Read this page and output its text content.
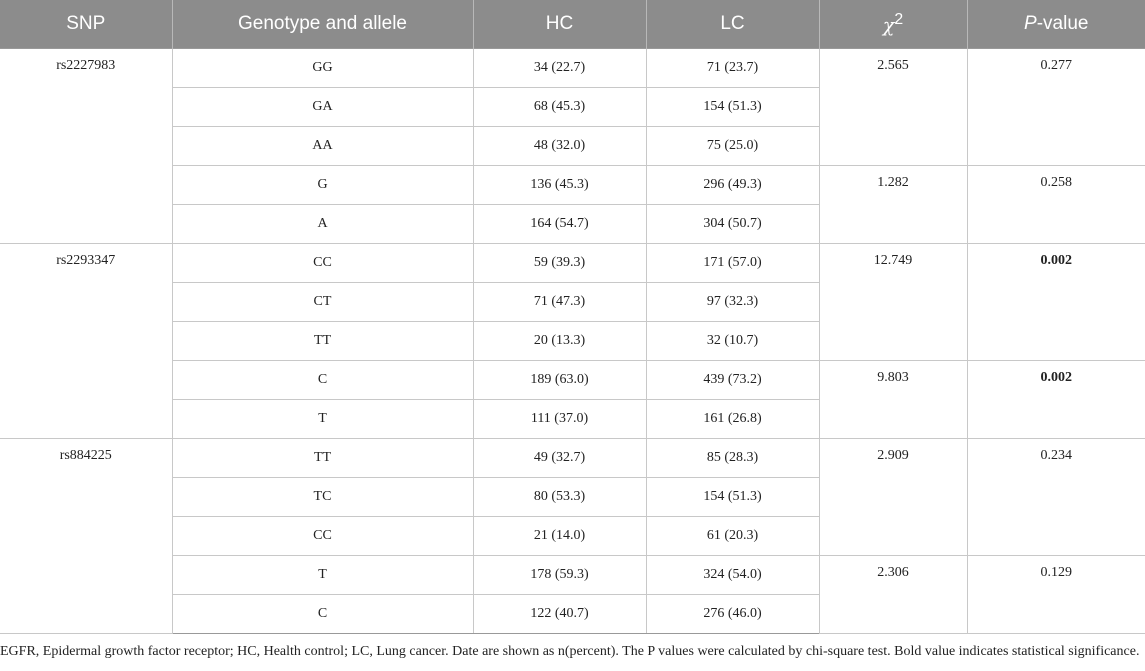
SNP	Genotype and allele	HC	LC	$\chi^2$	P-value
rs2227983	GG	34 (22.7)	71 (23.7)	2.565	0.277
	GA	68 (45.3)	154 (51.3)		
	AA	48 (32.0)	75 (25.0)		
	G	136 (45.3)	296 (49.3)	1.282	0.258
	A	164 (54.7)	304 (50.7)		
rs2293347	CC	59 (39.3)	171 (57.0)	12.749	0.002
	CT	71 (47.3)	97 (32.3)		
	TT	20 (13.3)	32 (10.7)		
	C	189 (63.0)	439 (73.2)	9.803	0.002
	T	111 (37.0)	161 (26.8)		
rs884225	TT	49 (32.7)	85 (28.3)	2.909	0.234
	TC	80 (53.3)	154 (51.3)		
	CC	21 (14.0)	61 (20.3)		
	T	178 (59.3)	324 (54.0)	2.306	0.129
	C	122 (40.7)	276 (46.0)		

EGFR, Epidermal growth factor receptor; HC, Health control; LC, Lung cancer. Date are shown as n(percent). The P values were calculated by chi-square test. Bold value indicates statistical significance.
